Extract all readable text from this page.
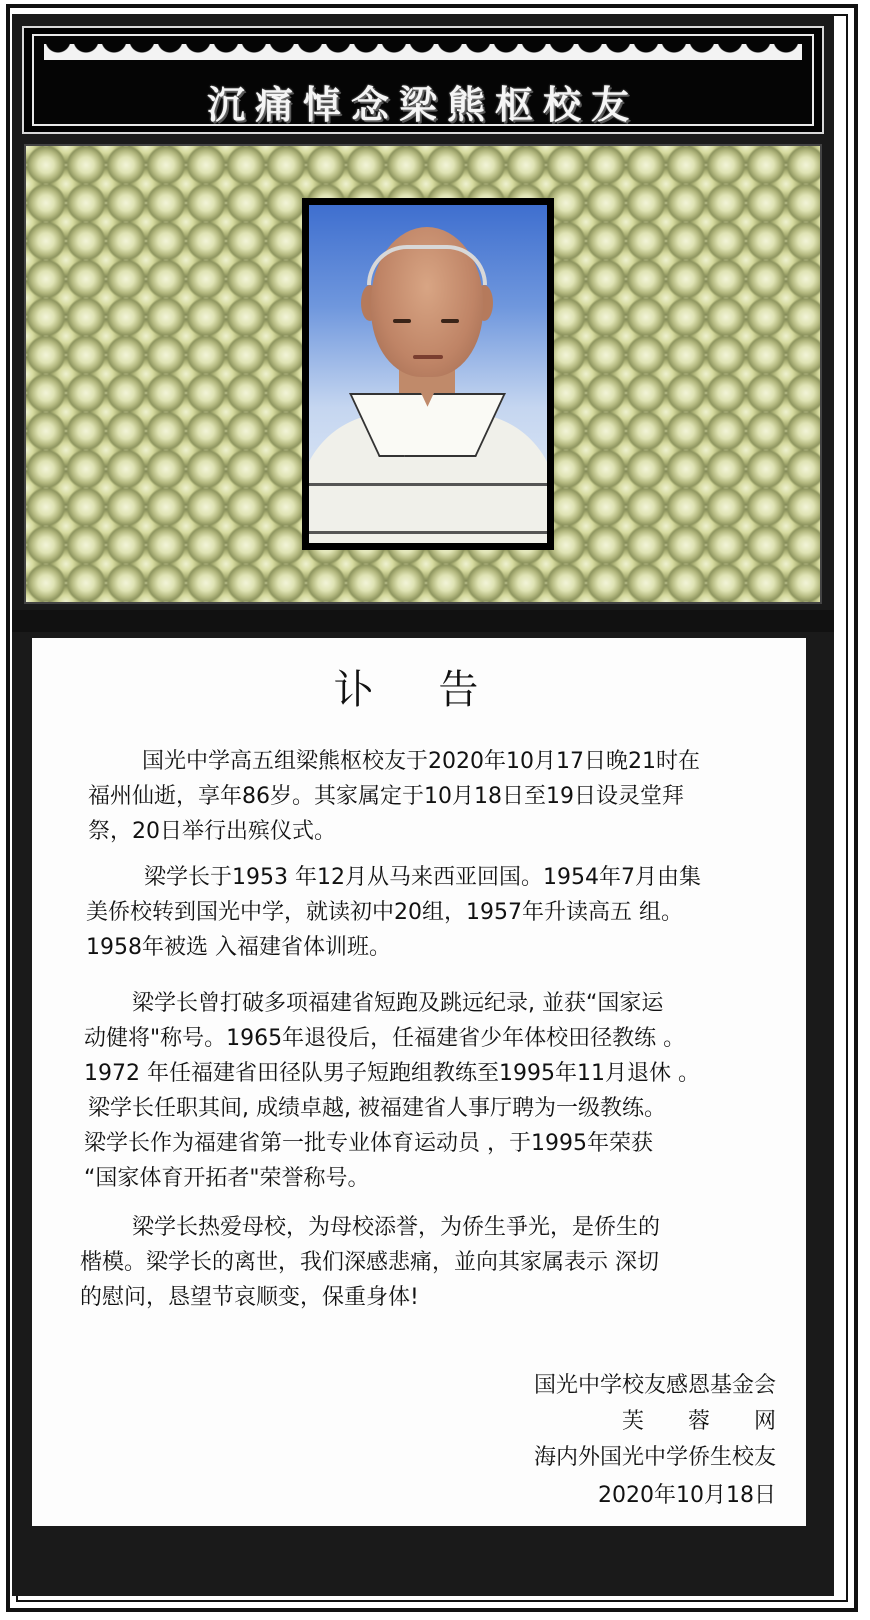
沉痛悼念梁熊枢校友
讣 告
国光中学高五组梁熊枢校友于2020年10月17日晚21时在
福州仙逝，享年86岁。其家属定于10月18日至19日设灵堂拜
祭，20日举行出殡仪式。
梁学长于1953 年12月从马来西亚回国。1954年7月由集
美侨校转到国光中学，就读初中20组，1957年升读高五 组。
1958年被选 入福建省体训班。
梁学长曾打破多项福建省短跑及跳远纪录, 並获“国家运
动健将"称号。1965年退役后，任福建省少年体校田径教练 。
1972 年任福建省田径队男子短跑组教练至1995年11月退休 。
梁学长任职其间, 成绩卓越, 被福建省人事厅聘为一级教练。
梁学长作为福建省第一批专业体育运动员 ，于1995年荣获
“国家体育开拓者"荣誉称号。
梁学长热爱母校，为母校添誉，为侨生爭光，是侨生的
楷模。梁学长的离世，我们深感悲痛，並向其家属表示 深切
的慰问，恳望节哀顺变，保重身体!
国光中学校友感恩基金会
芙　　蓉　　网
海内外国光中学侨生校友
2020年10月18日
